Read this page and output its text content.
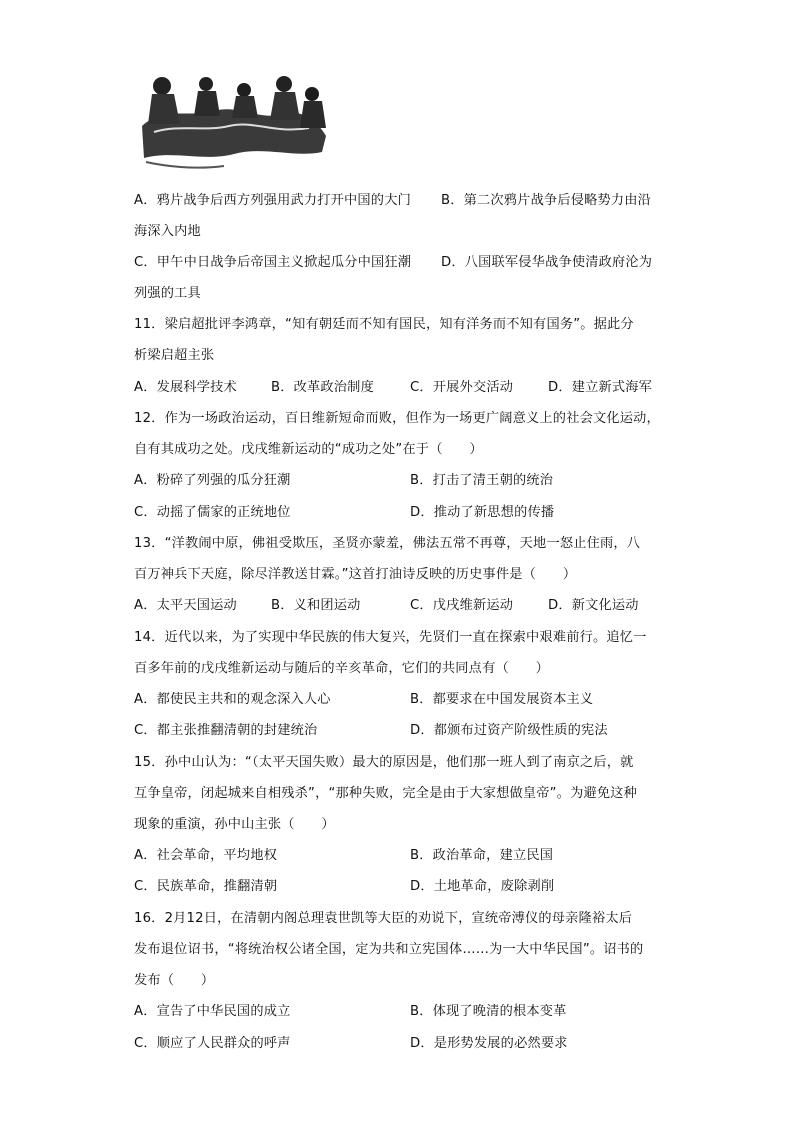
A．鸦片战争后西方列强用武力打开中国的大门 B．第二次鸦片战争后侵略势力由沿
海深入内地
C．甲午中日战争后帝国主义掀起瓜分中国狂潮 D．八国联军侵华战争使清政府沦为
列强的工具
11．梁启超批评李鸿章，“知有朝廷而不知有国民，知有洋务而不知有国务”。据此分
析梁启超主张
A．发展科学技术	B．改革政治制度	C．开展外交活动	D．建立新式海军
12．作为一场政治运动，百日维新短命而败，但作为一场更广阔意义上的社会文化运动，
自有其成功之处。戊戌维新运动的“成功之处”在于（　　）
A．粉碎了列强的瓜分狂潮	B．打击了清王朝的统治
C．动摇了儒家的正统地位	D．推动了新思想的传播
13．“洋教闹中原，佛祖受欺压，圣贤亦蒙羞，佛法五常不再尊，天地一怒止住雨，八
百万神兵下天庭，除尽洋教送甘霖。”这首打油诗反映的历史事件是（　　）
A．太平天国运动	B．义和团运动	C．戊戌维新运动	D．新文化运动
14．近代以来，为了实现中华民族的伟大复兴，先贤们一直在探索中艰难前行。追忆一
百多年前的戊戌维新运动与随后的辛亥革命，它们的共同点有（　　）
A．都使民主共和的观念深入人心	B．都要求在中国发展资本主义
C．都主张推翻清朝的封建统治	D．都颁布过资产阶级性质的宪法
15．孙中山认为：“（太平天国失败）最大的原因是，他们那一班人到了南京之后，就
互争皇帝，闭起城来自相残杀”，“那种失败，完全是由于大家想做皇帝”。为避免这种
现象的重演，孙中山主张（　　）
A．社会革命，平均地权	B．政治革命，建立民国
C．民族革命，推翻清朝	D．土地革命，废除剥削
16．2月12日，在清朝内阁总理袁世凯等大臣的劝说下，宣统帝溥仪的母亲隆裕太后
发布退位诏书，“将统治权公诸全国，定为共和立宪国体……为一大中华民国”。诏书的
发布（　　）
A．宣告了中华民国的成立	B．体现了晚清的根本变革
C．顺应了人民群众的呼声	D．是形势发展的必然要求
